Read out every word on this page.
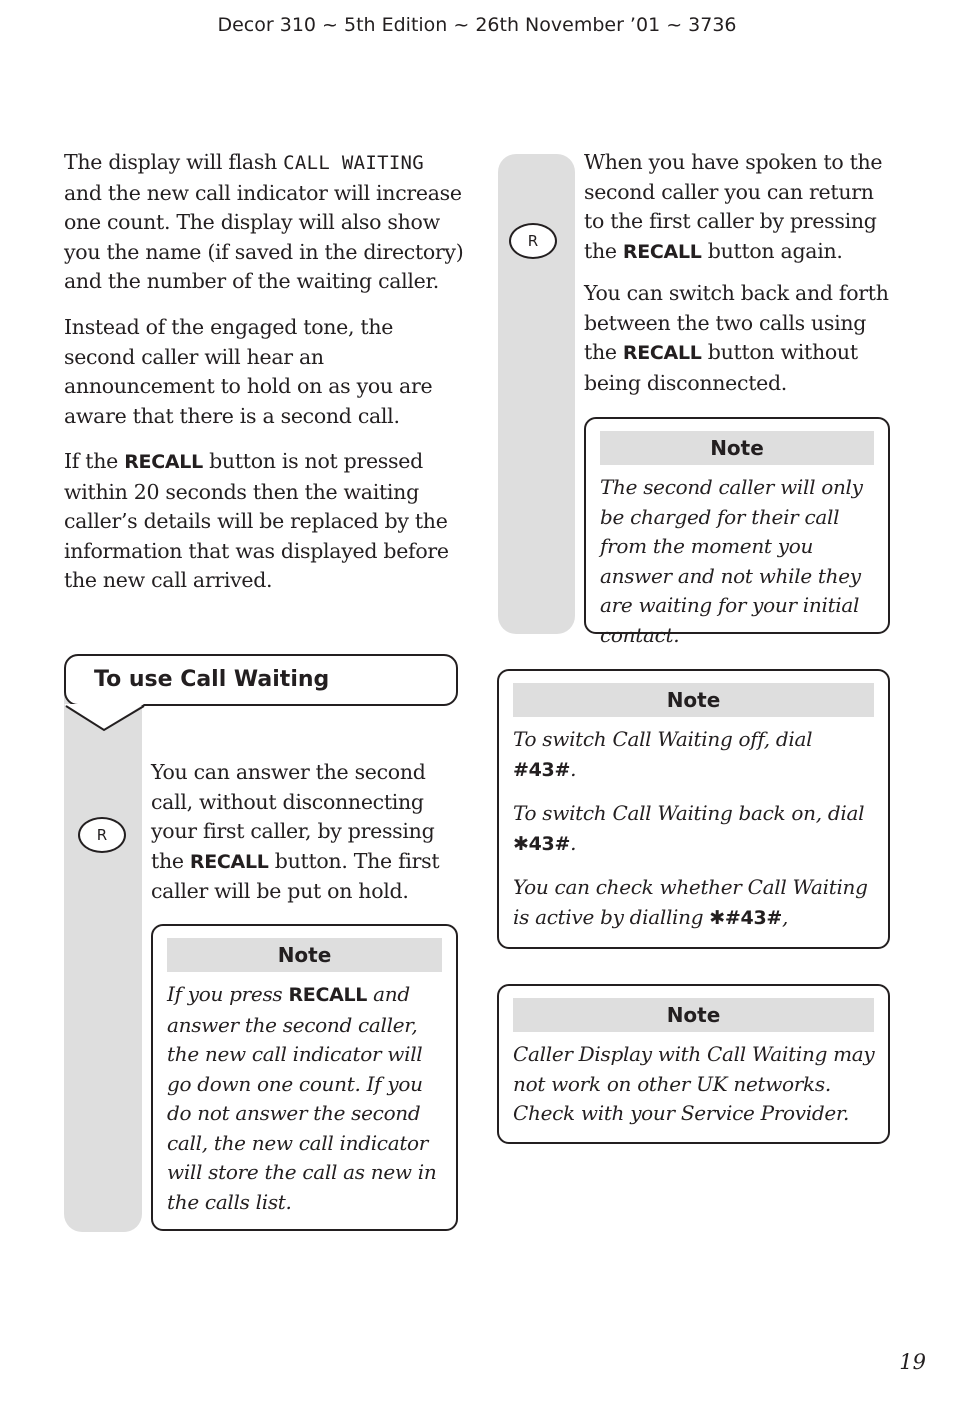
Decor 310 ~ 5th Edition ~ 26th November ’01 ~ 3736

The display will flash CALL WAITING and the new call indicator will increase one count. The display will also show you the name (if saved in the directory) and the number of the waiting caller.

Instead of the engaged tone, the second caller will hear an announcement to hold on as you are aware that there is a second call.

If the RECALL button is not pressed within 20 seconds then the waiting caller’s details will be replaced by the information that was displayed before the new call arrived.

To use Call Waiting
R

You can answer the second call, without disconnecting your first caller, by pressing the RECALL button. The first caller will be put on hold.

Note
If you press RECALL and answer the second caller, the new call indicator will go down one count. If you do not answer the second call, the new call indicator will store the call as new in the calls list.
R

When you have spoken to the second caller you can return to the first caller by pressing the RECALL button again.

You can switch back and forth between the two calls using the RECALL button without being disconnected.

Note
The second caller will only be charged for their call from the moment you answer and not while they are waiting for your initial contact.
Note

To switch Call Waiting off, dial
#43#.

To switch Call Waiting back on, dial
✱43#.

You can check whether Call Waiting is active by dialling ✱#43#,

Note
Caller Display with Call Waiting may not work on other UK networks. Check with your Service Provider.
19
